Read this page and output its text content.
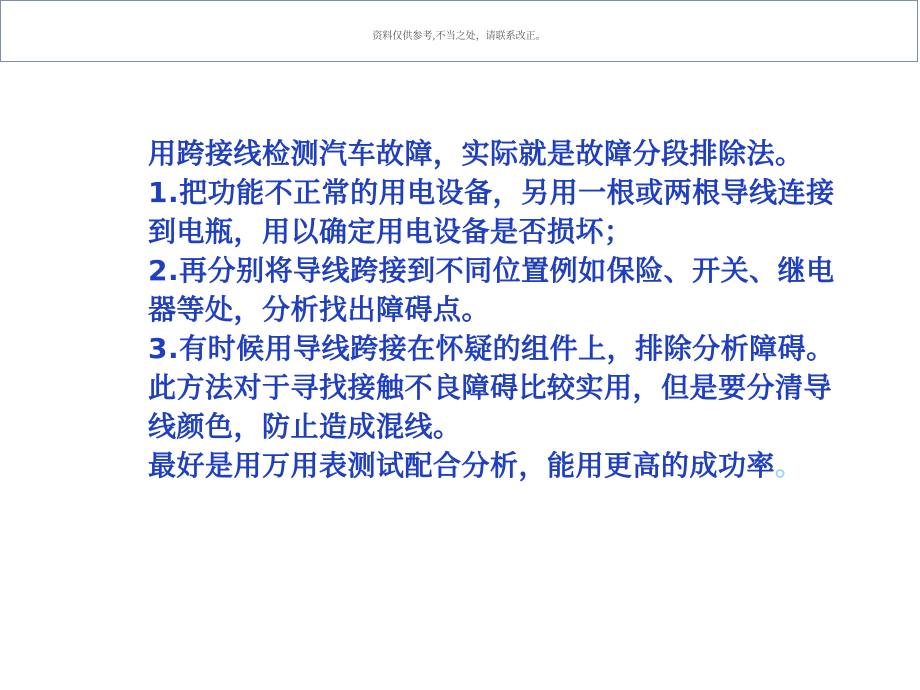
资料仅供参考,不当之处，请联系改正。

用跨接线检测汽车故障，实际就是故障分段排除法。

1.把功能不正常的用电设备，另用一根或两根导线连接到电瓶，用以确定用电设备是否损坏；

2.再分别将导线跨接到不同位置例如保险、开关、继电器等处，分析找出障碍点。

3.有时候用导线跨接在怀疑的组件上，排除分析障碍。此方法对于寻找接触不良障碍比较实用，但是要分清导线颜色，防止造成混线。

最好是用万用表测试配合分析，能用更高的成功率。
